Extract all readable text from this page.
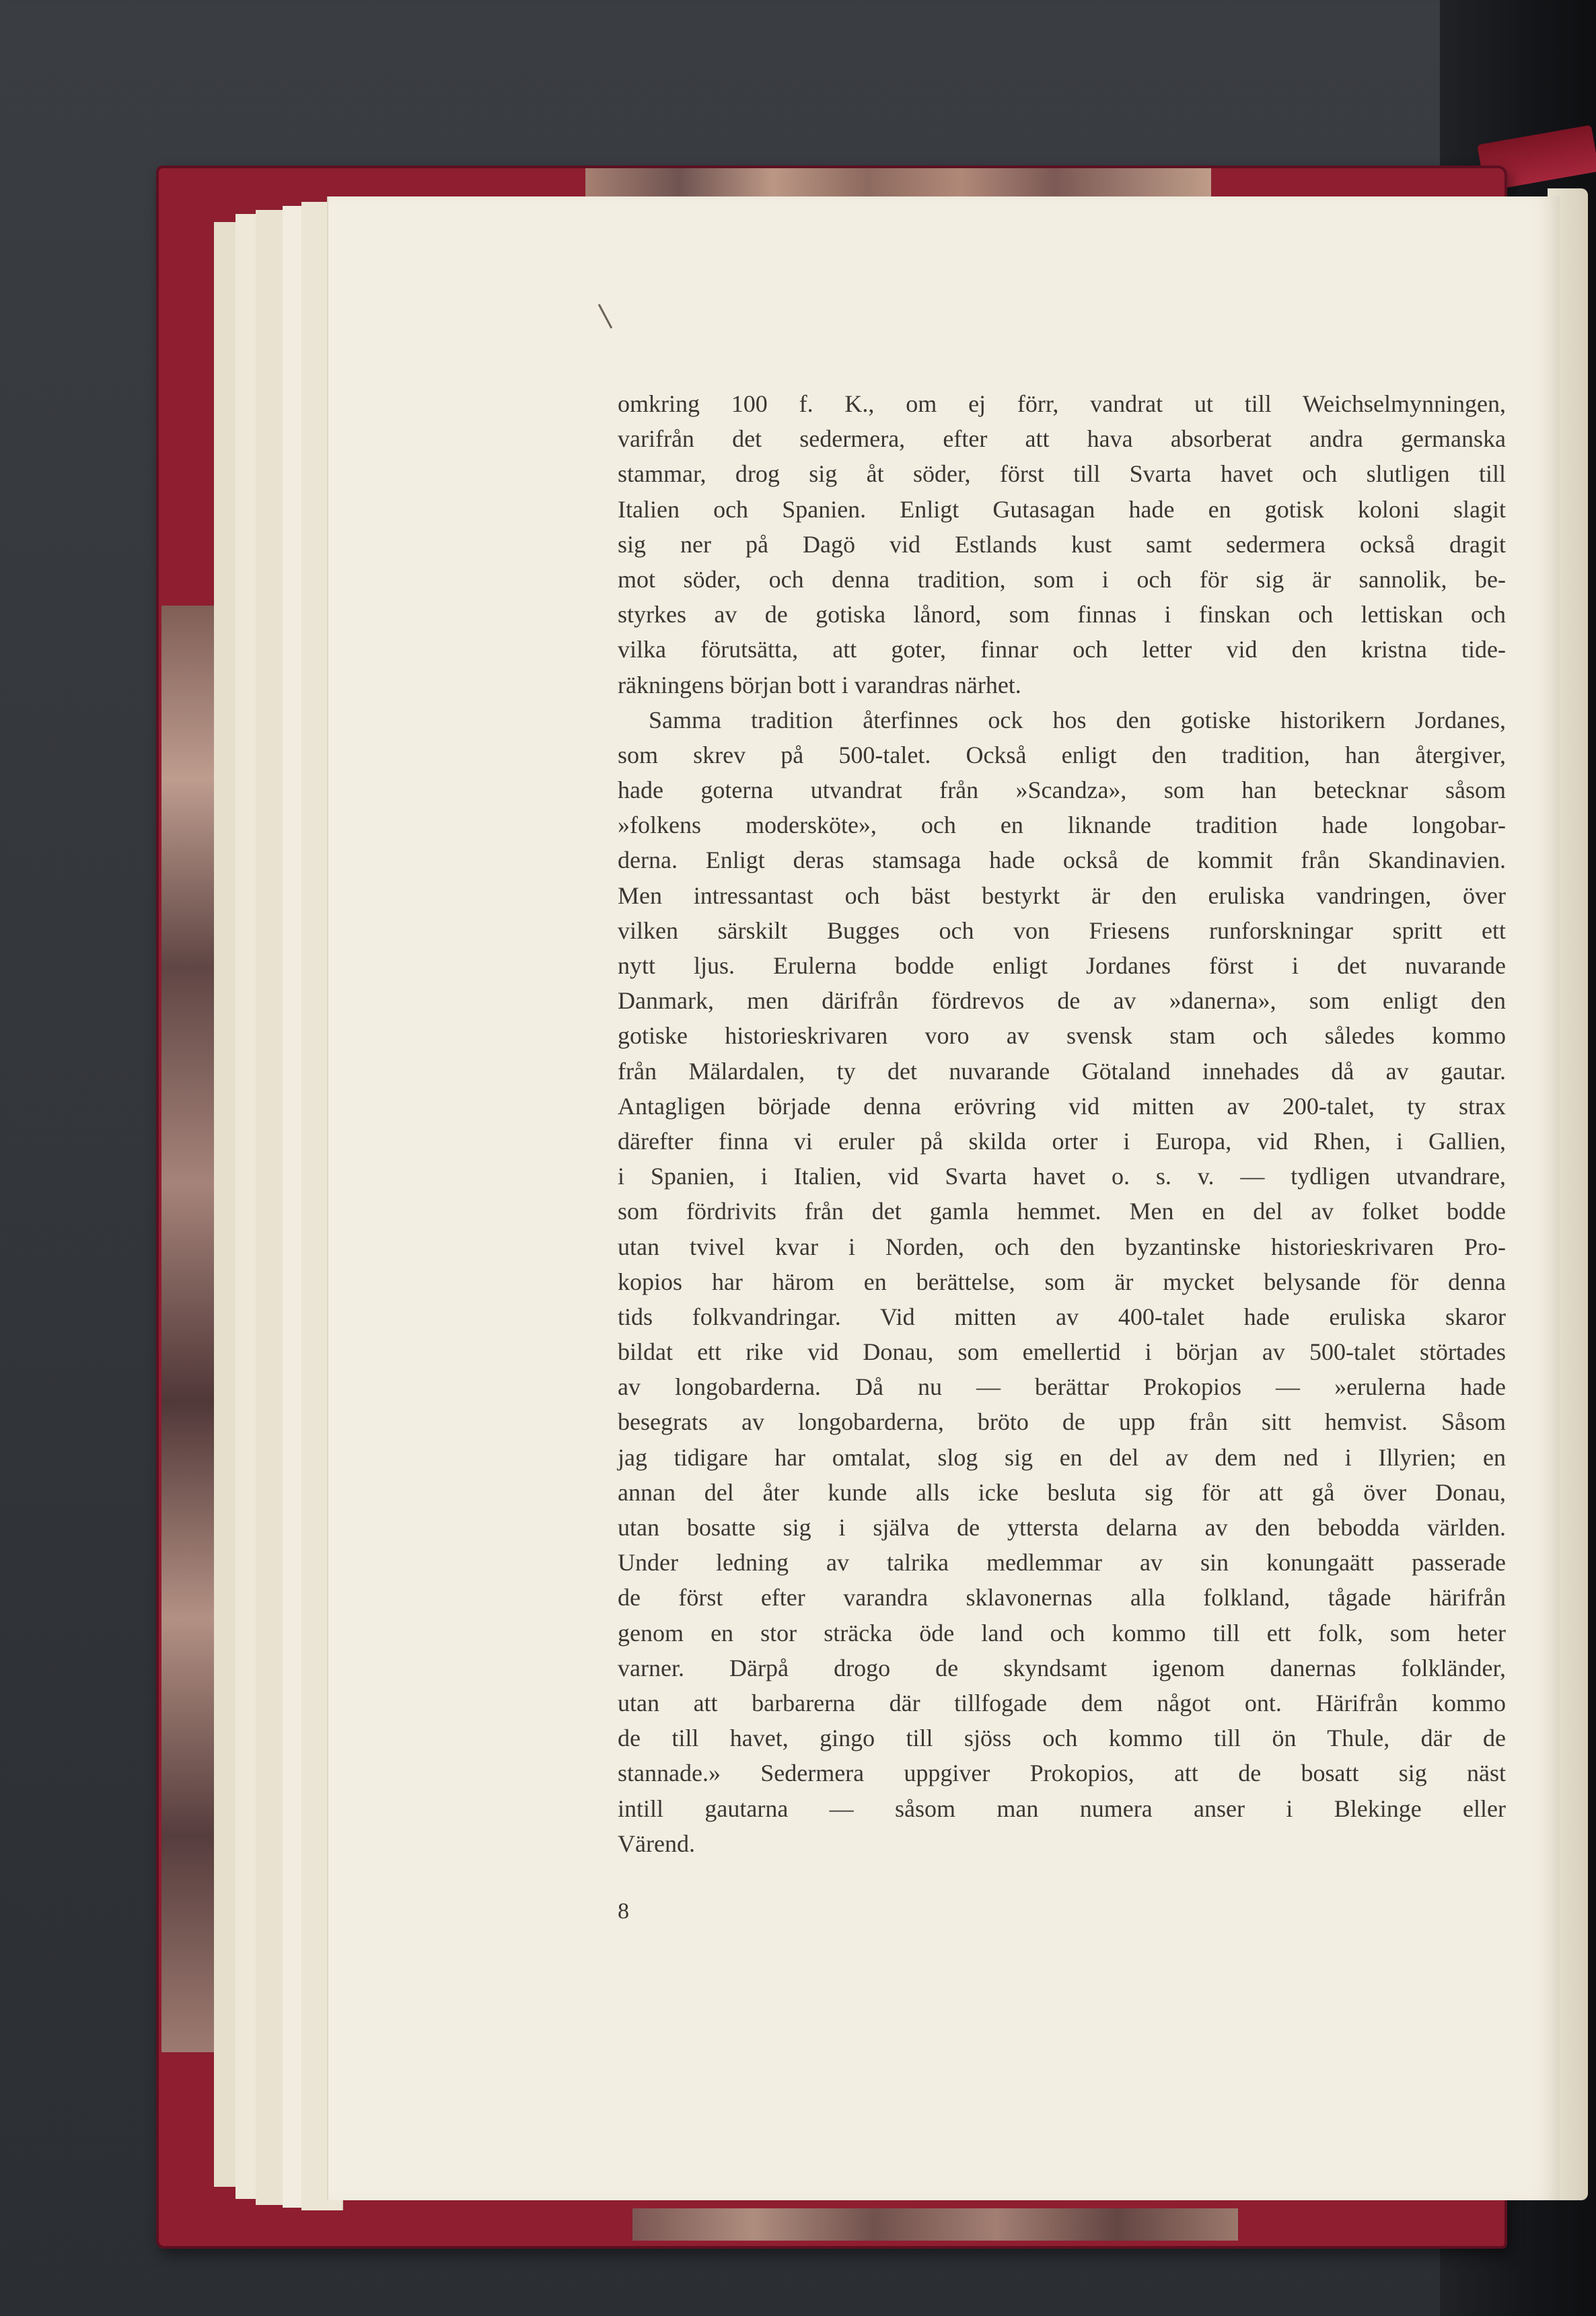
omkring 100 f. K., om ej förr, vandrat ut till Weichselmynningen,
varifrån det sedermera, efter att hava absorberat andra germanska
stammar, drog sig åt söder, först till Svarta havet och slutligen till
Italien och Spanien. Enligt Gutasagan hade en gotisk koloni slagit
sig ner på Dagö vid Estlands kust samt sedermera också dragit
mot söder, och denna tradition, som i och för sig är sannolik, be-
styrkes av de gotiska lånord, som finnas i finskan och lettiskan och
vilka förutsätta, att goter, finnar och letter vid den kristna tide-
räkningens början bott i varandras närhet.
Samma tradition återfinnes ock hos den gotiske historikern Jordanes,
som skrev på 500-talet. Också enligt den tradition, han återgiver,
hade goterna utvandrat från »Scandza», som han betecknar såsom
»folkens modersköte», och en liknande tradition hade longobar-
derna. Enligt deras stamsaga hade också de kommit från Skandinavien.
Men intressantast och bäst bestyrkt är den eruliska vandringen, över
vilken särskilt Bugges och von Friesens runforskningar spritt ett
nytt ljus. Erulerna bodde enligt Jordanes först i det nuvarande
Danmark, men därifrån fördrevos de av »danerna», som enligt den
gotiske historieskrivaren voro av svensk stam och således kommo
från Mälardalen, ty det nuvarande Götaland innehades då av gautar.
Antagligen började denna erövring vid mitten av 200-talet, ty strax
därefter finna vi eruler på skilda orter i Europa, vid Rhen, i Gallien,
i Spanien, i Italien, vid Svarta havet o. s. v. — tydligen utvandrare,
som fördrivits från det gamla hemmet. Men en del av folket bodde
utan tvivel kvar i Norden, och den byzantinske historieskrivaren Pro-
kopios har härom en berättelse, som är mycket belysande för denna
tids folkvandringar. Vid mitten av 400-talet hade eruliska skaror
bildat ett rike vid Donau, som emellertid i början av 500-talet störtades
av longobarderna. Då nu — berättar Prokopios — »erulerna hade
besegrats av longobarderna, bröto de upp från sitt hemvist. Såsom
jag tidigare har omtalat, slog sig en del av dem ned i Illyrien; en
annan del åter kunde alls icke besluta sig för att gå över Donau,
utan bosatte sig i själva de yttersta delarna av den bebodda världen.
Under ledning av talrika medlemmar av sin konungaätt passerade
de först efter varandra sklavonernas alla folkland, tågade härifrån
genom en stor sträcka öde land och kommo till ett folk, som heter
varner. Därpå drogo de skyndsamt igenom danernas folkländer,
utan att barbarerna där tillfogade dem något ont. Härifrån kommo
de till havet, gingo till sjöss och kommo till ön Thule, där de
stannade.» Sedermera uppgiver Prokopios, att de bosatt sig näst
intill gautarna — såsom man numera anser i Blekinge eller
Värend.
8
